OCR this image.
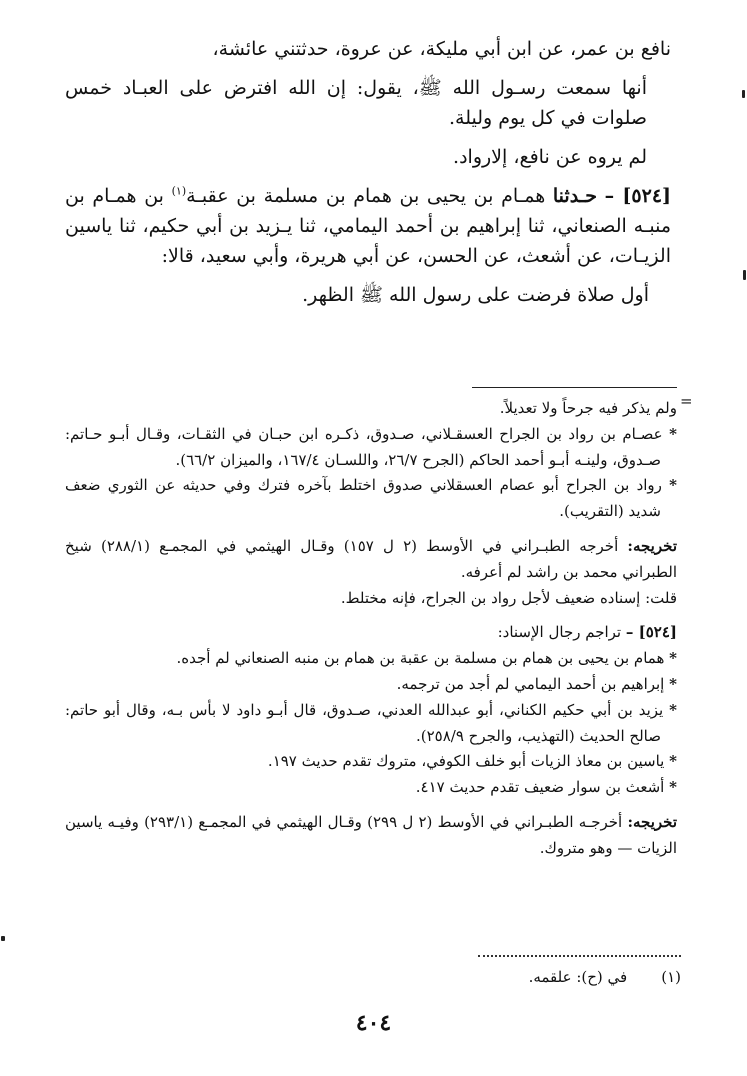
نافع بن عمر، عن ابن أبي مليكة، عن عروة، حدثتني عائشة،

أنها سمعت رسـول الله ﷺ، يقول: إن الله افترض على العبـاد خمس صلوات في كل يوم وليلة.

لم يروه عن نافع، إلارواد.

[٥٢٤] – حـدثنا همـام بن يحيى بن همام بن مسلمة بن عقبـة$^{(١)}$ بن همـام بن منبـه الصنعاني، ثنا إبراهيم بن أحمد اليمامي، ثنا يـزيد بن أبي حكيم، ثنا ياسين الزيـات، عن أشعث، عن الحسن، عن أبي هريرة، وأبي سعيد، قالا:

أول صلاة فرضت على رسول الله ﷺ الظهر.

=

ولم يذكر فيه جرحاً ولا تعديلاً.

* عصـام بن رواد بن الجراح العسقـلاني، صـدوق، ذكـره ابن حبـان في الثقـات، وقـال أبـو حـاتم: صـدوق، ولينـه أبـو أحمد الحاكم (الجرح ٢٦/٧، واللسـان ١٦٧/٤، والميزان ٦٦/٢).

* رواد بن الجراح أبو عصام العسقلاني صدوق اختلط بآخره فترك وفي حديثه عن الثوري ضعف شديد (التقريب).

تخريجه: أخرجه الطبـراني في الأوسط (٢ ل ١٥٧) وقـال الهيثمي في المجمـع (٢٨٨/١) شيخ الطبراني محمد بن راشد لم أعرفه.

قلت: إسناده ضعيف لأجل رواد بن الجراح، فإنه مختلط.

[٥٢٤] – تراجم رجال الإسناد:

* همام بن يحيى بن همام بن مسلمة بن عقبة بن همام بن منبه الصنعاني لم أجده.

* إبراهيم بن أحمد اليمامي لم أجد من ترجمه.

* يزيد بن أبي حكيم الكناني، أبو عبدالله العدني، صـدوق، قال أبـو داود لا بأس بـه، وقال أبو حاتم: صالح الحديث (التهذيب، والجرح ٢٥٨/٩).

* ياسين بن معاذ الزيات أبو خلف الكوفي، متروك تقدم حديث ١٩٧.

* أشعث بن سوار ضعيف تقدم حديث ٤١٧.

تخريجه: أخرجـه الطبـراني في الأوسط (٢ ل ٢٩٩) وقـال الهيثمي في المجمـع (٢٩٣/١) وفيـه ياسين الزيات — وهو متروك.

(١)في (ح): علقمه.
٤٠٤
